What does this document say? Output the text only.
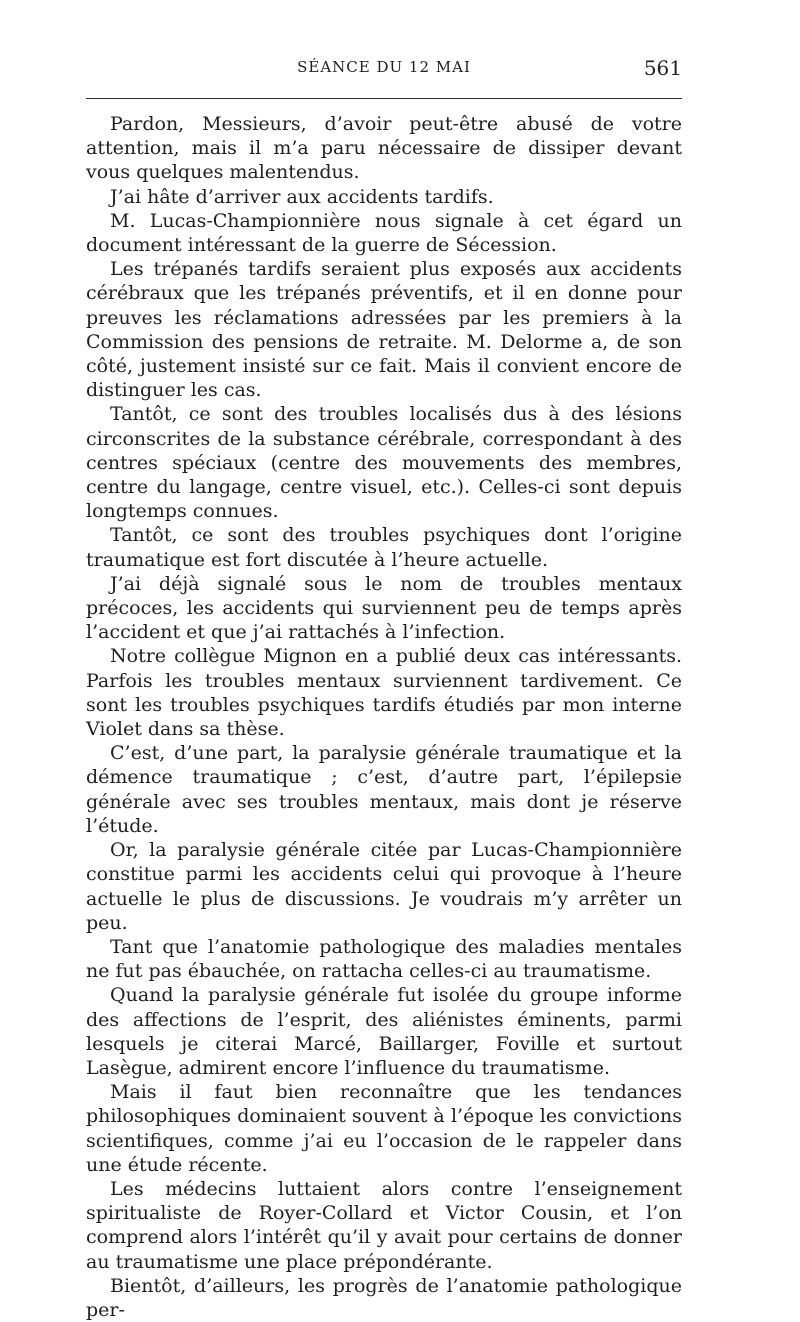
SÉANCE DU 12 MAI	561

Pardon, Messieurs, d’avoir peut-être abusé de votre attention, mais il m’a paru nécessaire de dissiper devant vous quelques malentendus.

J’ai hâte d’arriver aux accidents tardifs.

M. Lucas-Championnière nous signale à cet égard un document intéressant de la guerre de Sécession.

Les trépanés tardifs seraient plus exposés aux accidents cérébraux que les trépanés préventifs, et il en donne pour preuves les réclamations adressées par les premiers à la Commission des pensions de retraite. M. Delorme a, de son côté, justement insisté sur ce fait. Mais il convient encore de distinguer les cas.

Tantôt, ce sont des troubles localisés dus à des lésions circonscrites de la substance cérébrale, correspondant à des centres spéciaux (centre des mouvements des membres, centre du langage, centre visuel, etc.). Celles-ci sont depuis longtemps connues.

Tantôt, ce sont des troubles psychiques dont l’origine traumatique est fort discutée à l’heure actuelle.

J’ai déjà signalé sous le nom de troubles mentaux précoces, les accidents qui surviennent peu de temps après l’accident et que j’ai rattachés à l’infection.

Notre collègue Mignon en a publié deux cas intéressants. Parfois les troubles mentaux surviennent tardivement. Ce sont les troubles psychiques tardifs étudiés par mon interne Violet dans sa thèse.

C’est, d’une part, la paralysie générale traumatique et la démence traumatique ; c’est, d’autre part, l’épilepsie générale avec ses troubles mentaux, mais dont je réserve l’étude.

Or, la paralysie générale citée par Lucas-Championnière constitue parmi les accidents celui qui provoque à l’heure actuelle le plus de discussions. Je voudrais m’y arrêter un peu.

Tant que l’anatomie pathologique des maladies mentales ne fut pas ébauchée, on rattacha celles-ci au traumatisme.

Quand la paralysie générale fut isolée du groupe informe des affections de l’esprit, des aliénistes éminents, parmi lesquels je citerai Marcé, Baillarger, Foville et surtout Lasègue, admirent encore l’influence du traumatisme.

Mais il faut bien reconnaître que les tendances philosophiques dominaient souvent à l’époque les convictions scientifiques, comme j’ai eu l’occasion de le rappeler dans une étude récente.

Les médecins luttaient alors contre l’enseignement spiritualiste de Royer-Collard et Victor Cousin, et l’on comprend alors l’intérêt qu’il y avait pour certains de donner au traumatisme une place prépondérante.

Bientôt, d’ailleurs, les progrès de l’anatomie pathologique per-
